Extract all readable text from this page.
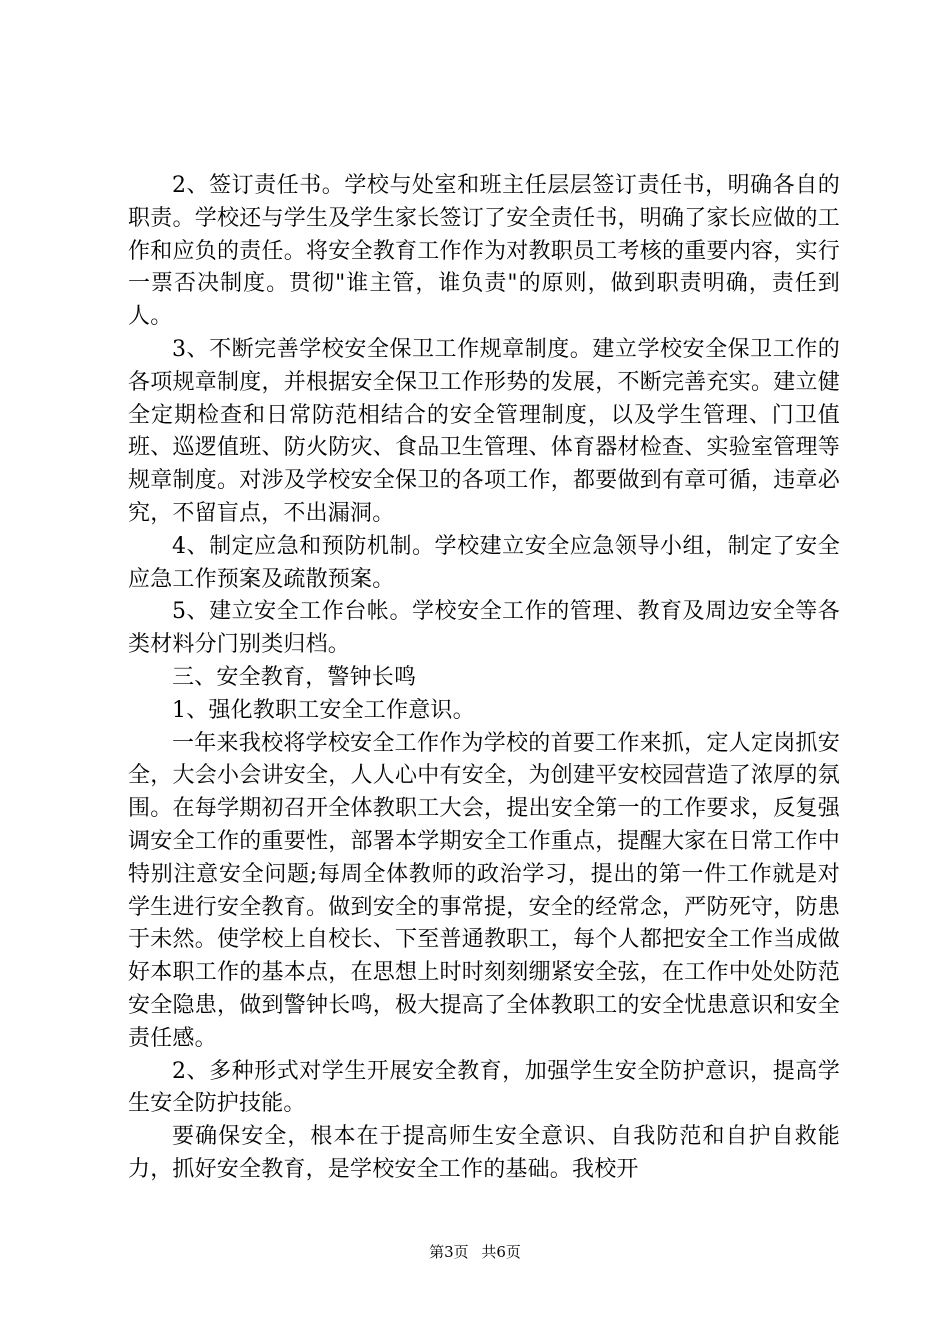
2、签订责任书。学校与处室和班主任层层签订责任书，明确各自的职责。学校还与学生及学生家长签订了安全责任书，明确了家长应做的工作和应负的责任。将安全教育工作作为对教职员工考核的重要内容，实行一票否决制度。贯彻"谁主管，谁负责"的原则，做到职责明确，责任到人。

3、不断完善学校安全保卫工作规章制度。建立学校安全保卫工作的各项规章制度，并根据安全保卫工作形势的发展，不断完善充实。建立健全定期检查和日常防范相结合的安全管理制度，以及学生管理、门卫值班、巡逻值班、防火防灾、食品卫生管理、体育器材检查、实验室管理等规章制度。对涉及学校安全保卫的各项工作，都要做到有章可循，违章必究，不留盲点，不出漏洞。

4、制定应急和预防机制。学校建立安全应急领导小组，制定了安全应急工作预案及疏散预案。

5、建立安全工作台帐。学校安全工作的管理、教育及周边安全等各类材料分门别类归档。

三、安全教育，警钟长鸣

1、强化教职工安全工作意识。

一年来我校将学校安全工作作为学校的首要工作来抓，定人定岗抓安全，大会小会讲安全，人人心中有安全，为创建平安校园营造了浓厚的氛围。在每学期初召开全体教职工大会，提出安全第一的工作要求，反复强调安全工作的重要性，部署本学期安全工作重点，提醒大家在日常工作中特别注意安全问题;每周全体教师的政治学习，提出的第一件工作就是对学生进行安全教育。做到安全的事常提，安全的经常念，严防死守，防患于未然。使学校上自校长、下至普通教职工，每个人都把安全工作当成做好本职工作的基本点，在思想上时时刻刻绷紧安全弦，在工作中处处防范安全隐患，做到警钟长鸣，极大提高了全体教职工的安全忧患意识和安全责任感。

2、多种形式对学生开展安全教育，加强学生安全防护意识，提高学生安全防护技能。

要确保安全，根本在于提高师生安全意识、自我防范和自护自救能力，抓好安全教育，是学校安全工作的基础。我校开

第3页 共6页
